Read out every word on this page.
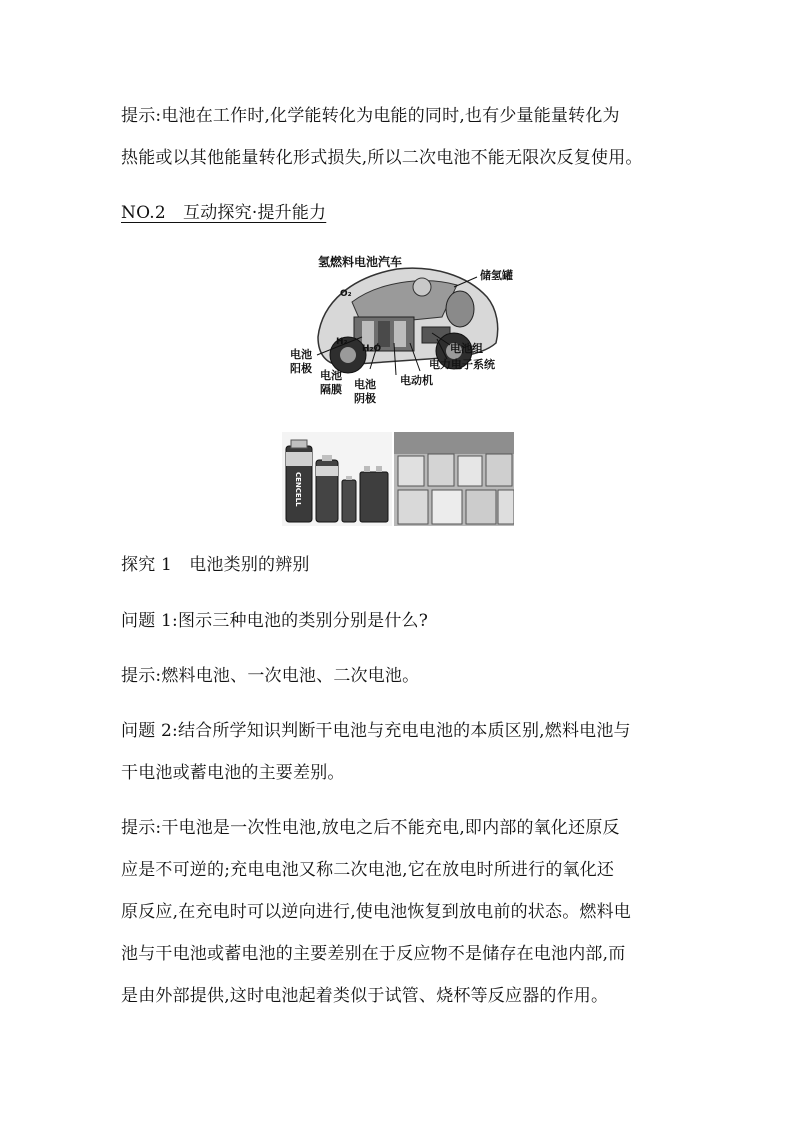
提示:电池在工作时,化学能转化为电能的同时,也有少量能量转化为

热能或以其他能量转化形式损失,所以二次电池不能无限次反复使用。

NO.2　互动探究·提升能力

氢燃料电池汽车
储氢罐
电池组
电力电子系统
电动机
O₂
H₂
H₂O
电池
阳极
电池
隔膜 电池
阴极
CENCELL

探究 1　电池类别的辨别

问题 1:图示三种电池的类别分别是什么?

提示:燃料电池、一次电池、二次电池。

问题 2:结合所学知识判断干电池与充电电池的本质区别,燃料电池与

干电池或蓄电池的主要差别。

提示:干电池是一次性电池,放电之后不能充电,即内部的氧化还原反

应是不可逆的;充电电池又称二次电池,它在放电时所进行的氧化还

原反应,在充电时可以逆向进行,使电池恢复到放电前的状态。燃料电

池与干电池或蓄电池的主要差别在于反应物不是储存在电池内部,而

是由外部提供,这时电池起着类似于试管、烧杯等反应器的作用。
